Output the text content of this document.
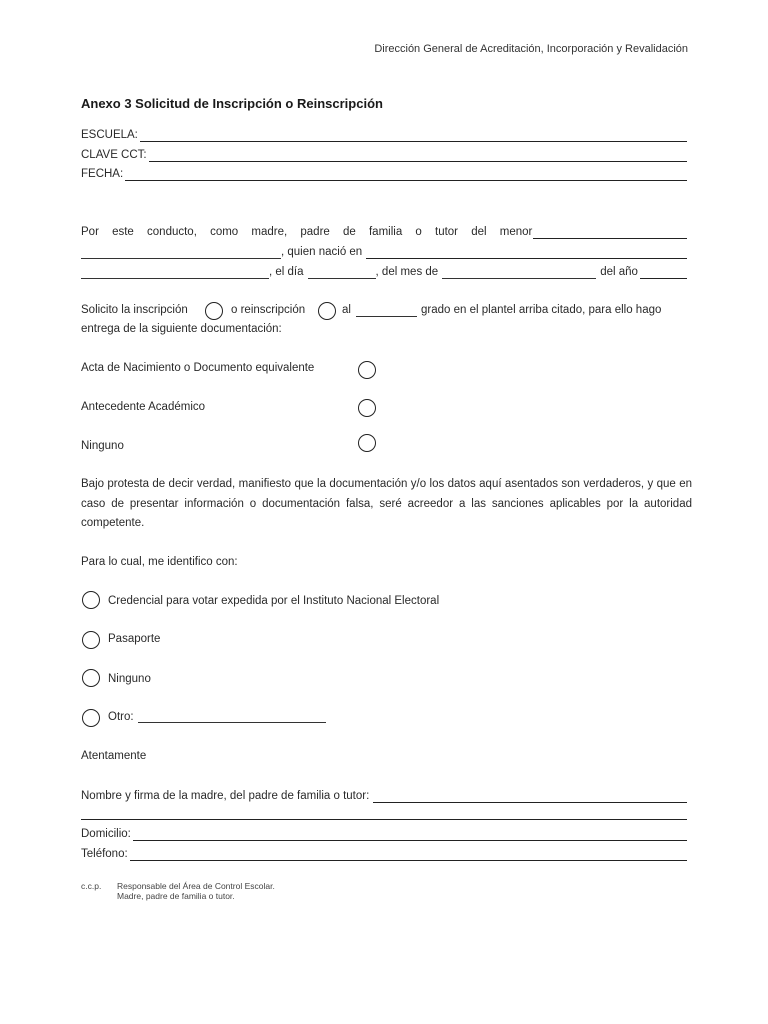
Dirección General de Acreditación, Incorporación y Revalidación
Anexo 3 Solicitud de Inscripción o Reinscripción
ESCUELA:
CLAVE CCT:
FECHA:
Por este conducto, como madre, padre de familia o tutor del menor
, quien nació en
, el día	, del mes de	del año
Solicito la inscripción	o reinscripción	al	grado en el plantel arriba citado, para ello hago
entrega de la siguiente documentación:
Acta de Nacimiento o Documento equivalente
Antecedente Académico
Ninguno
Bajo protesta de decir verdad, manifiesto que la documentación y/o los datos aquí asentados son verdaderos, y que en caso de presentar información o documentación falsa, seré acreedor a las sanciones aplicables por la autoridad competente.
Para lo cual, me identifico con:
Credencial para votar expedida por el Instituto Nacional Electoral
Pasaporte
Ninguno
Otro:
Atentamente
Nombre y firma de la madre, del padre de familia o tutor:
Domicilio:
Teléfono:
c.c.p. Responsable del Área de Control Escolar.
Madre, padre de familia o tutor.
